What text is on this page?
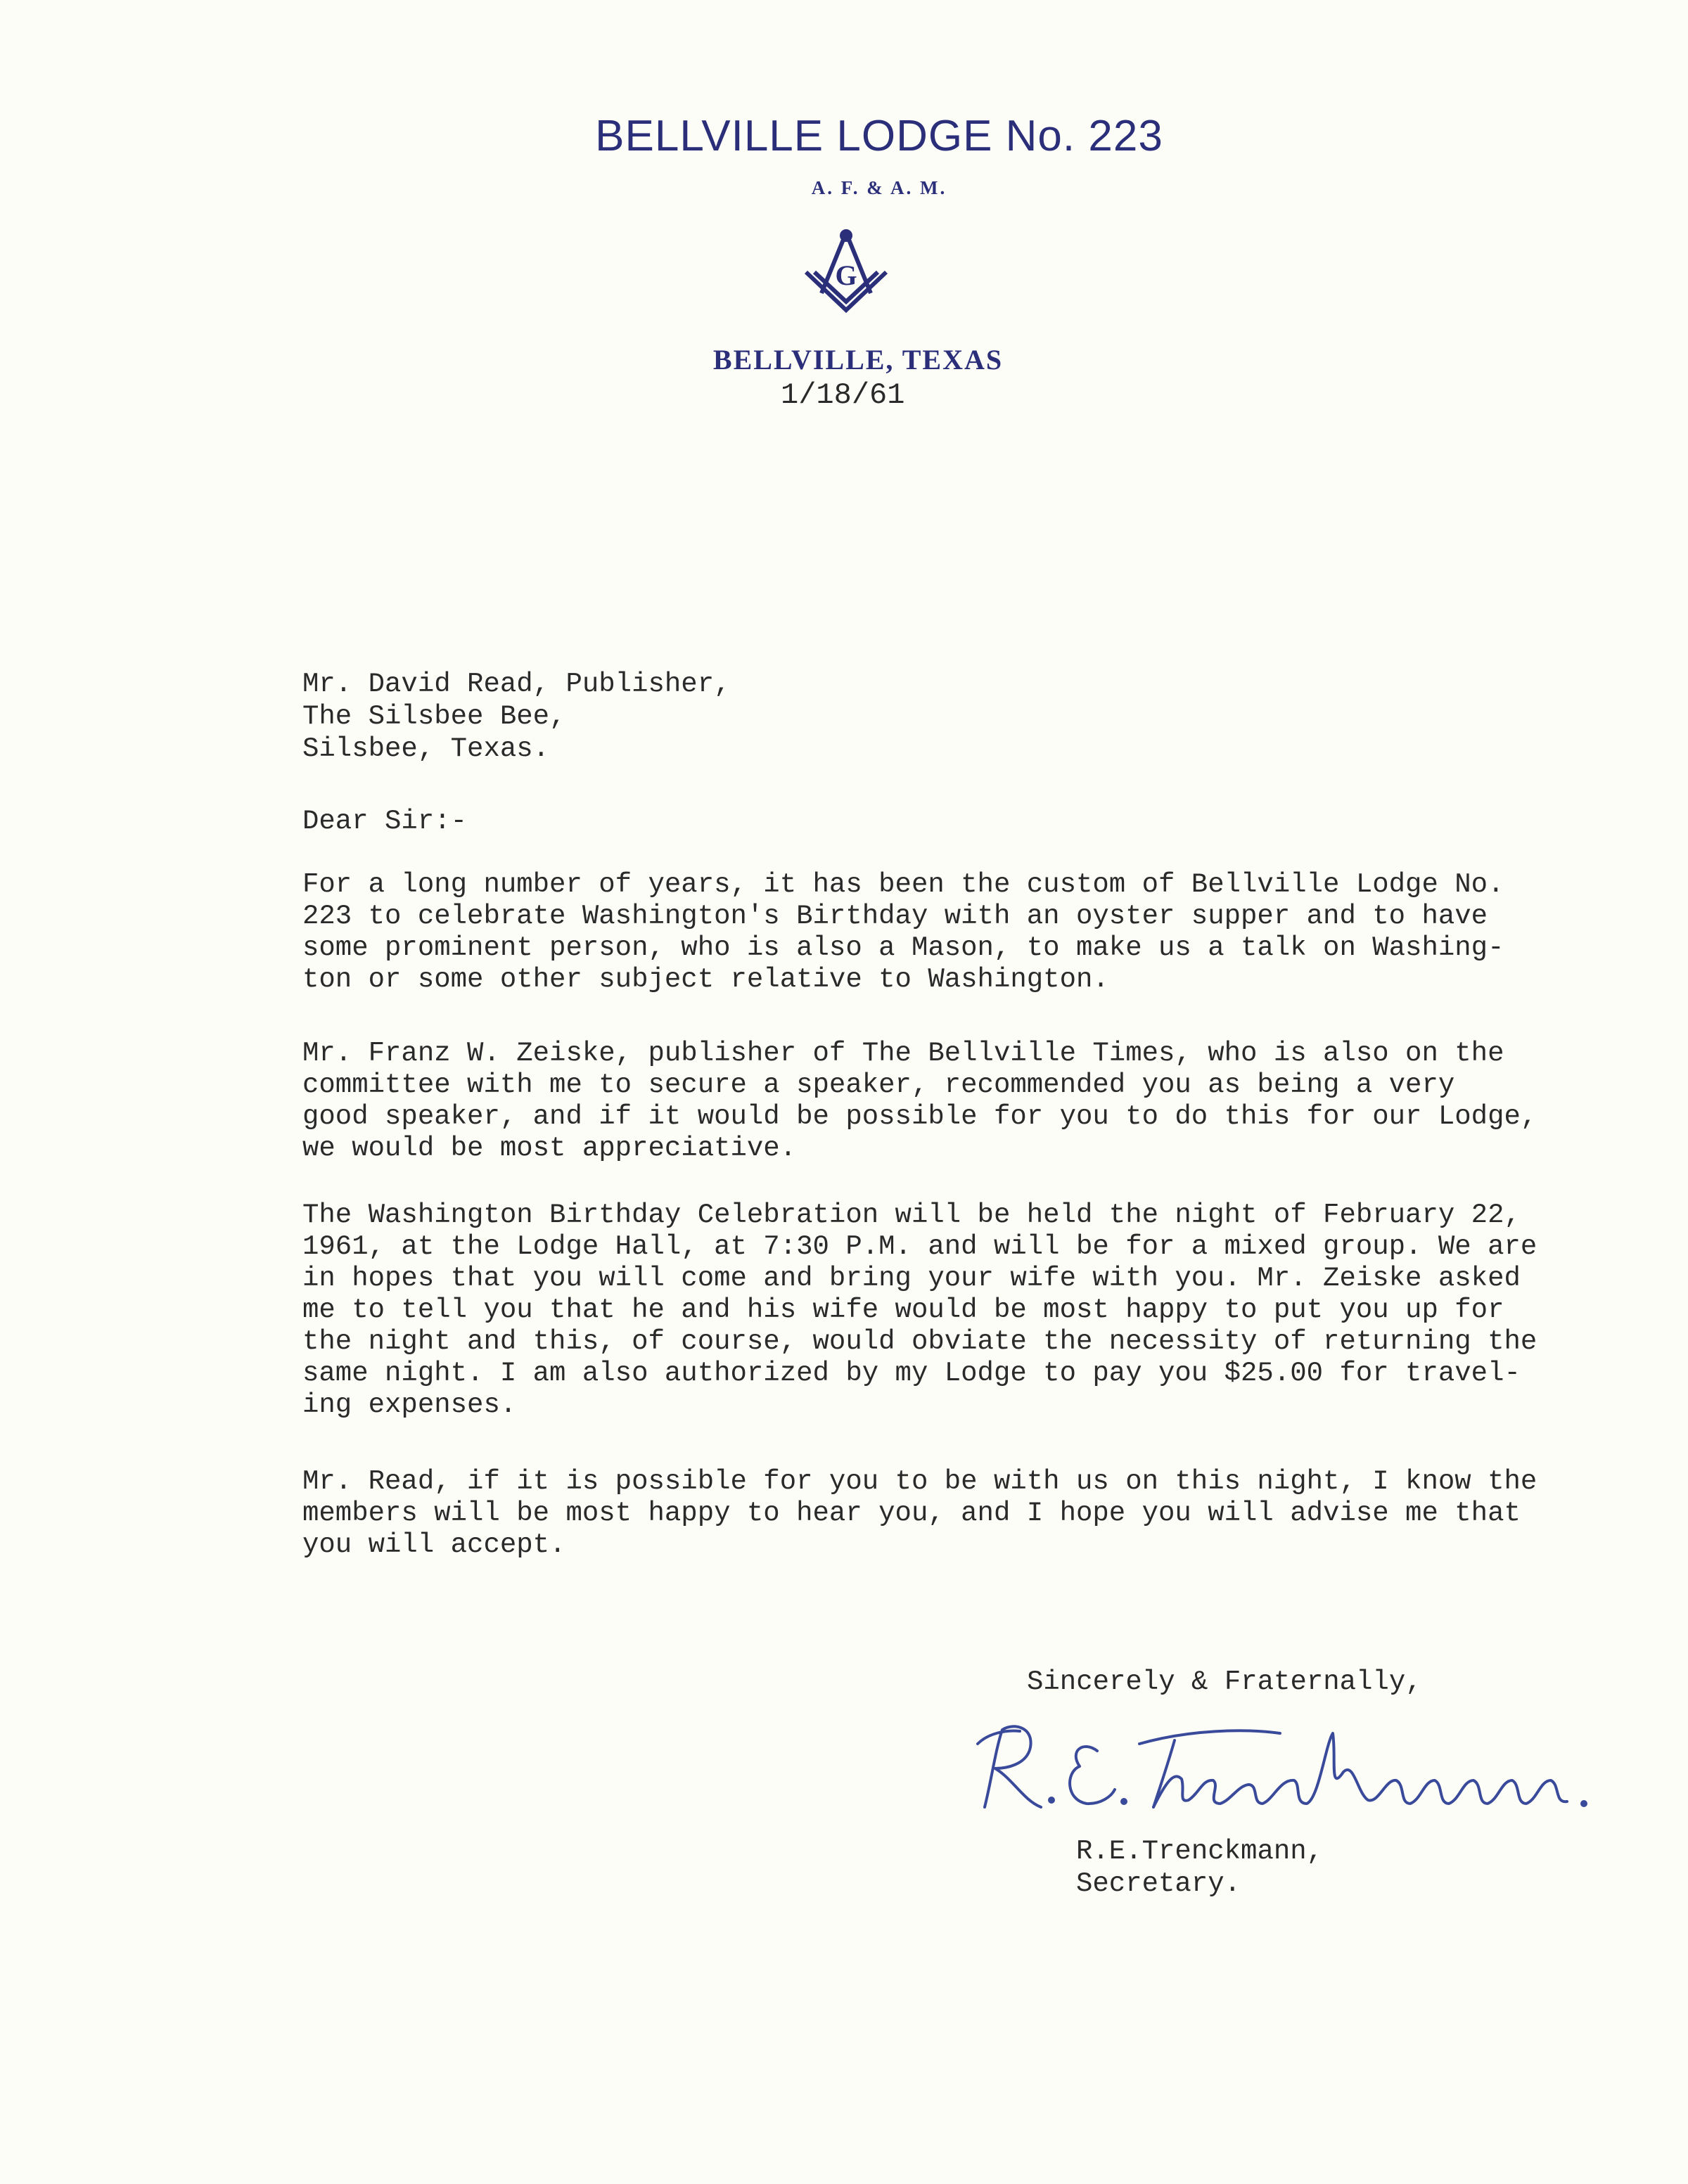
BELLVILLE LODGE No. 223
A. F. & A. M.
G
BELLVILLE, TEXAS
1/18/61
Mr. David Read, Publisher,
The Silsbee Bee,
Silsbee, Texas.
Dear Sir:-
For a long number of years, it has been the custom of Bellville Lodge No.
223 to celebrate Washington's Birthday with an oyster supper and to have
some prominent person, who is also a Mason, to make us a talk on Washing-
ton or some other subject relative to Washington.
Mr. Franz W. Zeiske, publisher of The Bellville Times, who is also on the
committee with me to secure a speaker, recommended you as being a very
good speaker, and if it would be possible for you to do this for our Lodge,
we would be most appreciative.
The Washington Birthday Celebration will be held the night of February 22,
1961, at the Lodge Hall, at 7:30 P.M. and will be for a mixed group. We are
in hopes that you will come and bring your wife with you. Mr. Zeiske asked
me to tell you that he and his wife would be most happy to put you up for
the night and this, of course, would obviate the necessity of returning the
same night. I am also authorized by my Lodge to pay you $25.00 for travel-
ing expenses.
Mr. Read, if it is possible for you to be with us on this night, I know the
members will be most happy to hear you, and I hope you will advise me that
you will accept.
Sincerely & Fraternally,
R.E.Trenckmann,
Secretary.
